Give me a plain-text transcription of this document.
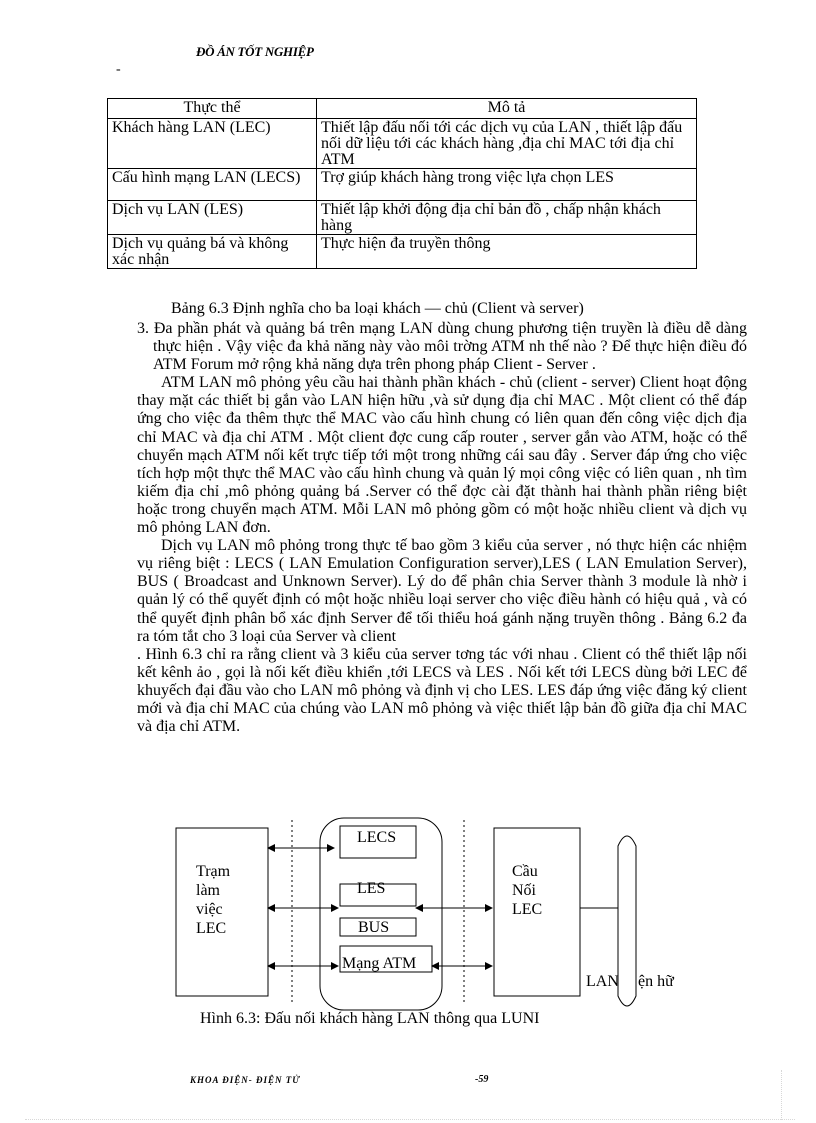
ĐỒ ÁN TỐT NGHIỆP
-
Thực thể	Mô tả
Khách hàng LAN (LEC)	Thiết lập đấu nối tới các dịch vụ của LAN , thiết lập đấu nối dữ liệu tới các khách hàng ,địa chỉ MAC tới địa chỉ ATM
Cấu hình mạng LAN (LECS)	Trợ giúp khách hàng trong việc lựa chọn LES
Dịch vụ LAN (LES)	Thiết lập khởi động địa chỉ bản đồ , chấp nhận khách hàng
Dịch vụ quảng bá và không xác nhận	Thực hiện đa truyền thông
Bảng 6.3 Định nghĩa cho ba loại khách — chủ (Client và server)

3. Đa phần phát và quảng bá trên mạng LAN dùng chung phương tiện truyền là điều dễ dàng thực hiện . Vậy việc đa khả năng này vào môi trờng ATM nh thế nào ? Để thực hiện điều đó ATM Forum mở rộng khả năng dựa trên phong pháp Client - Server .

ATM LAN mô phỏng yêu cầu hai thành phần khách - chủ (client - server) Client hoạt động thay mặt các thiết bị gắn vào LAN hiện hữu ,và sử dụng địa chỉ MAC . Một client có thể đáp ứng cho việc đa thêm thực thể MAC vào cấu hình chung có liên quan đến công việc dịch địa chỉ MAC và địa chỉ ATM . Một client đợc cung cấp router , server gắn vào ATM, hoặc có thể chuyển mạch ATM nối kết trực tiếp tới một trong những cái sau đây . Server đáp ứng cho việc tích hợp một thực thể MAC vào cấu hình chung và quản lý mọi công việc có liên quan , nh tìm kiếm địa chỉ ,mô phỏng quảng bá .Server có thể đợc cài đặt thành hai thành phần riêng biệt hoặc trong chuyển mạch ATM. Mỗi LAN mô phỏng gồm có một hoặc nhiều client và dịch vụ mô phỏng LAN đơn.

Dịch vụ LAN mô phỏng trong thực tế bao gồm 3 kiểu của server , nó thực hiện các nhiệm vụ riêng biệt : LECS ( LAN Emulation Configuration server),LES ( LAN Emulation Server), BUS ( Broadcast and Unknown Server). Lý do để phân chia Server thành 3 module là nhờ i quản lý có thể quyết định có một hoặc nhiều loại server cho việc điều hành có hiệu quả , và có thể quyết định phân bổ xác định Server để tối thiểu hoá gánh nặng truyền thông . Bảng 6.2 đa ra tóm tắt cho 3 loại của Server và client

. Hình 6.3 chỉ ra rằng client và 3 kiểu của server tơng tác với nhau . Client có thể thiết lập nối kết kênh ảo , gọi là nối kết điều khiển ,tới LECS và LES . Nối kết tới LECS dùng bởi LEC để khuyếch đại đầu vào cho LAN mô phỏng và định vị cho LES. LES đáp ứng việc đăng ký client mới và địa chỉ MAC của chúng vào LAN mô phỏng và việc thiết lập bản đồ giữa địa chỉ MAC và địa chỉ ATM.

Trạm
làm
việc
LEC
LECS
LES
BUS
Mạng ATM
Cầu
Nối
LEC
LAN ện hữ
Hình 6.3: Đấu nối khách hàng LAN thông qua LUNI
KHOA ĐIỆN- ĐIỆN TỬ	-59
